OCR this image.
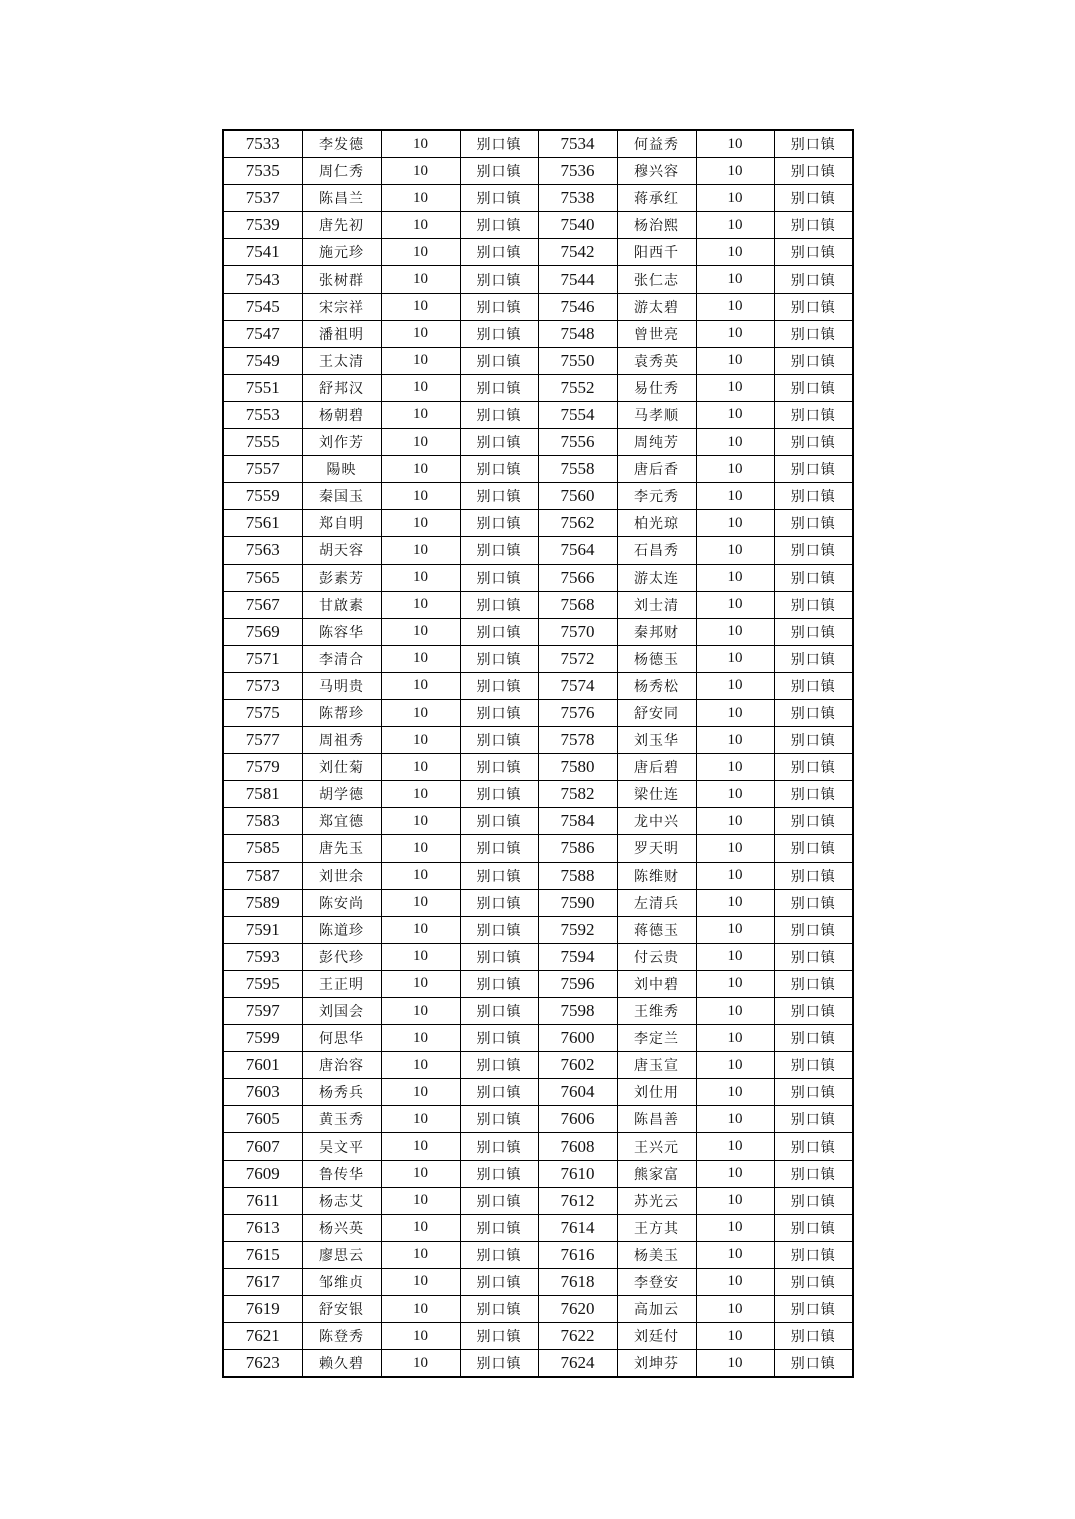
7533	李发德	10	别口镇	7534	何益秀	10	别口镇
7535	周仁秀	10	别口镇	7536	穆兴容	10	别口镇
7537	陈昌兰	10	别口镇	7538	蒋承红	10	别口镇
7539	唐先初	10	别口镇	7540	杨治熙	10	别口镇
7541	施元珍	10	别口镇	7542	阳西千	10	别口镇
7543	张树群	10	别口镇	7544	张仁志	10	别口镇
7545	宋宗祥	10	别口镇	7546	游太碧	10	别口镇
7547	潘祖明	10	别口镇	7548	曾世亮	10	别口镇
7549	王太清	10	别口镇	7550	袁秀英	10	别口镇
7551	舒邦汉	10	别口镇	7552	易仕秀	10	别口镇
7553	杨朝碧	10	别口镇	7554	马孝顺	10	别口镇
7555	刘作芳	10	别口镇	7556	周纯芳	10	别口镇
7557	陽映	10	别口镇	7558	唐后香	10	别口镇
7559	秦国玉	10	别口镇	7560	李元秀	10	别口镇
7561	郑自明	10	别口镇	7562	柏光琼	10	别口镇
7563	胡天容	10	别口镇	7564	石昌秀	10	别口镇
7565	彭素芳	10	别口镇	7566	游太连	10	别口镇
7567	甘啟素	10	别口镇	7568	刘士清	10	别口镇
7569	陈容华	10	别口镇	7570	秦邦财	10	别口镇
7571	李清合	10	别口镇	7572	杨德玉	10	别口镇
7573	马明贵	10	别口镇	7574	杨秀松	10	别口镇
7575	陈帮珍	10	别口镇	7576	舒安同	10	别口镇
7577	周祖秀	10	别口镇	7578	刘玉华	10	别口镇
7579	刘仕菊	10	别口镇	7580	唐后碧	10	别口镇
7581	胡学德	10	别口镇	7582	梁仕连	10	别口镇
7583	郑宜德	10	别口镇	7584	龙中兴	10	别口镇
7585	唐先玉	10	别口镇	7586	罗天明	10	别口镇
7587	刘世余	10	别口镇	7588	陈维财	10	别口镇
7589	陈安尚	10	别口镇	7590	左清兵	10	别口镇
7591	陈道珍	10	别口镇	7592	蒋德玉	10	别口镇
7593	彭代珍	10	别口镇	7594	付云贵	10	别口镇
7595	王正明	10	别口镇	7596	刘中碧	10	别口镇
7597	刘国会	10	别口镇	7598	王维秀	10	别口镇
7599	何思华	10	别口镇	7600	李定兰	10	别口镇
7601	唐治容	10	别口镇	7602	唐玉宣	10	别口镇
7603	杨秀兵	10	别口镇	7604	刘仕用	10	别口镇
7605	黄玉秀	10	别口镇	7606	陈昌善	10	别口镇
7607	吴文平	10	别口镇	7608	王兴元	10	别口镇
7609	鲁传华	10	别口镇	7610	熊家富	10	别口镇
7611	杨志艾	10	别口镇	7612	苏光云	10	别口镇
7613	杨兴英	10	别口镇	7614	王方其	10	别口镇
7615	廖思云	10	别口镇	7616	杨美玉	10	别口镇
7617	邹维贞	10	别口镇	7618	李登安	10	别口镇
7619	舒安银	10	别口镇	7620	高加云	10	别口镇
7621	陈登秀	10	别口镇	7622	刘廷付	10	别口镇
7623	赖久碧	10	别口镇	7624	刘坤芬	10	别口镇
